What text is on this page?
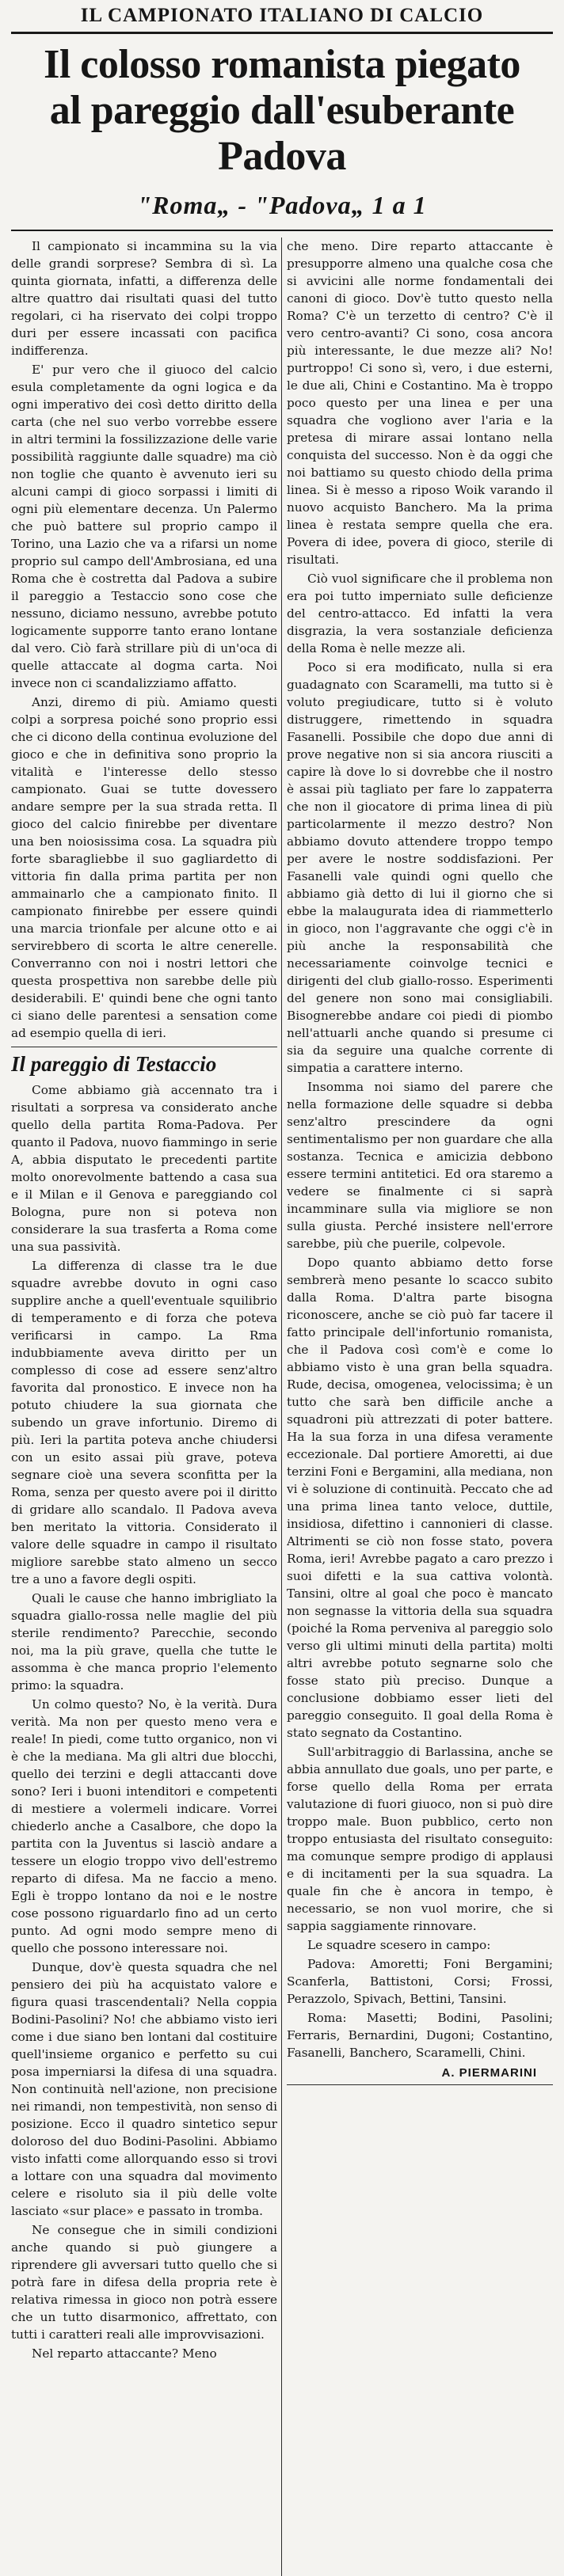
IL CAMPIONATO ITALIANO DI CALCIO
Il colosso romanista piegato
al pareggio dall'esuberante Padova
"Roma„ - "Padova„ 1 a 1

Il campionato si incammina su la via delle grandi sorprese? Sembra di sì. La quinta giornata, infatti, a differenza delle altre quattro dai risultati quasi del tutto regolari, ci ha riservato dei colpi troppo duri per essere incassati con pacifica indifferenza.

E' pur vero che il giuoco del calcio esula completamente da ogni logica e da ogni imperativo dei così detto diritto della carta (che nel suo verbo vorrebbe essere in altri termini la fossilizzazione delle varie possibilità raggiunte dalle squadre) ma ciò non toglie che quanto è avvenuto ieri su alcuni campi di gioco sorpassi i limiti di ogni più elementare decenza. Un Palermo che può battere sul proprio campo il Torino, una Lazio che va a rifarsi un nome proprio sul campo dell'Ambrosiana, ed una Roma che è costretta dal Padova a subire il pareggio a Testaccio sono cose che nessuno, diciamo nessuno, avrebbe potuto logicamente supporre tanto erano lontane dal vero. Ciò farà strillare più di un'oca di quelle attaccate al dogma carta. Noi invece non ci scandalizziamo affatto.

Anzi, diremo di più. Amiamo questi colpi a sorpresa poiché sono proprio essi che ci dicono della continua evoluzione del gioco e che in definitiva sono proprio la vitalità e l'interesse dello stesso campionato. Guai se tutte dovessero andare sempre per la sua strada retta. Il gioco del calcio finirebbe per diventare una ben noiosissima cosa. La squadra più forte sbaragliebbe il suo gagliardetto di vittoria fin dalla prima partita per non ammainarlo che a campionato finito. Il campionato finirebbe per essere quindi una marcia trionfale per alcune otto e ai servirebbero di scorta le altre cenerelle. Converranno con noi i nostri lettori che questa prospettiva non sarebbe delle più desiderabili. E' quindi bene che ogni tanto ci siano delle parentesi a sensation come ad esempio quella di ieri.

Il pareggio di Testaccio

Come abbiamo già accennato tra i risultati a sorpresa va considerato anche quello della partita Roma-Padova. Per quanto il Padova, nuovo fiammingo in serie A, abbia disputato le precedenti partite molto onorevolmente battendo a casa sua e il Milan e il Genova e pareggiando col Bologna, pure non si poteva non considerare la sua trasferta a Roma come una sua passività.

La differenza di classe tra le due squadre avrebbe dovuto in ogni caso supplire anche a quell'eventuale squilibrio di temperamento e di forza che poteva verificarsi in campo. La Rma indubbiamente aveva diritto per un complesso di cose ad essere senz'altro favorita dal pronostico. E invece non ha potuto chiudere la sua giornata che subendo un grave infortunio. Diremo di più. Ieri la partita poteva anche chiudersi con un esito assai più grave, poteva segnare cioè una severa sconfitta per la Roma, senza per questo avere poi il diritto di gridare allo scandalo. Il Padova aveva ben meritato la vittoria. Considerato il valore delle squadre in campo il risultato migliore sarebbe stato almeno un secco tre a uno a favore degli ospiti.

Quali le cause che hanno imbrigliato la squadra giallo-rossa nelle maglie del più sterile rendimento? Parecchie, secondo noi, ma la più grave, quella che tutte le assomma è che manca proprio l'elemento primo: la squadra.

Un colmo questo? No, è la verità. Dura verità. Ma non per questo meno vera e reale! In piedi, come tutto organico, non vi è che la mediana. Ma gli altri due blocchi, quello dei terzini e degli attaccanti dove sono? Ieri i buoni intenditori e competenti di mestiere a volermeli indicare. Vorrei chiederlo anche a Casalbore, che dopo la partita con la Juventus si lasciò andare a tessere un elogio troppo vivo dell'estremo reparto di difesa. Ma ne faccio a meno. Egli è troppo lontano da noi e le nostre cose possono riguardarlo fino ad un certo punto. Ad ogni modo sempre meno di quello che possono interessare noi.

Dunque, dov'è questa squadra che nel pensiero dei più ha acquistato valore e figura quasi trascendentali? Nella coppia Bodini-Pasolini? No! che abbiamo visto ieri come i due siano ben lontani dal costituire quell'insieme organico e perfetto su cui posa imperniarsi la difesa di una squadra. Non continuità nell'azione, non precisione nei rimandi, non tempestività, non senso di posizione. Ecco il quadro sintetico sepur doloroso del duo Bodini-Pasolini. Abbiamo visto infatti come allorquando esso si trovi a lottare con una squadra dal movimento celere e risoluto sia il più delle volte lasciato «sur place» e passato in tromba.

Ne consegue che in simili condizioni anche quando si può giungere a riprendere gli avversari tutto quello che si potrà fare in difesa della propria rete è relativa rimessa in gioco non potrà essere che un tutto disarmonico, affrettato, con tutti i caratteri reali alle improvvisazioni.

Nel reparto attaccante? Meno

che meno. Dire reparto attaccante è presupporre almeno una qualche cosa che si avvicini alle norme fondamentali dei canoni di gioco. Dov'è tutto questo nella Roma? C'è un terzetto di centro? C'è il vero centro-avanti? Ci sono, cosa ancora più interessante, le due mezze ali? No! purtroppo! Ci sono sì, vero, i due esterni, le due ali, Chini e Costantino. Ma è troppo poco questo per una linea e per una squadra che vogliono aver l'aria e la pretesa di mirare assai lontano nella conquista del successo. Non è da oggi che noi battiamo su questo chiodo della prima linea. Si è messo a riposo Woik varando il nuovo acquisto Banchero. Ma la prima linea è restata sempre quella che era. Povera di idee, povera di gioco, sterile di risultati.

Ciò vuol significare che il problema non era poi tutto imperniato sulle deficienze del centro-attacco. Ed infatti la vera disgrazia, la vera sostanziale deficienza della Roma è nelle mezze ali.

Poco si era modificato, nulla si era guadagnato con Scaramelli, ma tutto si è voluto pregiudicare, tutto si è voluto distruggere, rimettendo in squadra Fasanelli. Possibile che dopo due anni di prove negative non si sia ancora riusciti a capire là dove lo si dovrebbe che il nostro è assai più tagliato per fare lo zappaterra che non il giocatore di prima linea di più particolarmente il mezzo destro? Non abbiamo dovuto attendere troppo tempo per avere le nostre soddisfazioni. Per Fasanelli vale quindi ogni quello che abbiamo già detto di lui il giorno che si ebbe la malaugurata idea di riammetterlo in gioco, non l'aggravante che oggi c'è in più anche la responsabilità che necessariamente coinvolge tecnici e dirigenti del club giallo-rosso. Esperimenti del genere non sono mai consigliabili. Bisognerebbe andare coi piedi di piombo nell'attuarli anche quando si presume ci sia da seguire una qualche corrente di simpatia a carattere interno.

Insomma noi siamo del parere che nella formazione delle squadre si debba senz'altro prescindere da ogni sentimentalismo per non guardare che alla sostanza. Tecnica e amicizia debbono essere termini antitetici. Ed ora staremo a vedere se finalmente ci si saprà incamminare sulla via migliore se non sulla giusta. Perché insistere nell'errore sarebbe, più che puerile, colpevole.

Dopo quanto abbiamo detto forse sembrerà meno pesante lo scacco subito dalla Roma. D'altra parte bisogna riconoscere, anche se ciò può far tacere il fatto principale dell'infortunio romanista, che il Padova così com'è e come lo abbiamo visto è una gran bella squadra. Rude, decisa, omogenea, velocissima; è un tutto che sarà ben difficile anche a squadroni più attrezzati di poter battere. Ha la sua forza in una difesa veramente eccezionale. Dal portiere Amoretti, ai due terzini Foni e Bergamini, alla mediana, non vi è soluzione di continuità. Peccato che ad una prima linea tanto veloce, duttile, insidiosa, difettino i cannonieri di classe. Altrimenti se ciò non fosse stato, povera Roma, ieri! Avrebbe pagato a caro prezzo i suoi difetti e la sua cattiva volontà. Tansini, oltre al goal che poco è mancato non segnasse la vittoria della sua squadra (poiché la Roma perveniva al pareggio solo verso gli ultimi minuti della partita) molti altri avrebbe potuto segnarne solo che fosse stato più preciso. Dunque a conclusione dobbiamo esser lieti del pareggio conseguito. Il goal della Roma è stato segnato da Costantino.

Sull'arbitraggio di Barlassina, anche se abbia annullato due goals, uno per parte, e forse quello della Roma per errata valutazione di fuori giuoco, non si può dire troppo male. Buon pubblico, certo non troppo entusiasta del risultato conseguito: ma comunque sempre prodigo di applausi e di incitamenti per la sua squadra. La quale fin che è ancora in tempo, è necessario, se non vuol morire, che si sappia saggiamente rinnovare.

Le squadre scesero in campo:

Padova: Amoretti; Foni Bergamini; Scanferla, Battistoni, Corsi; Frossi, Perazzolo, Spivach, Bettini, Tansini.

Roma: Masetti; Bodini, Pasolini; Ferraris, Bernardini, Dugoni; Costantino, Fasanelli, Banchero, Scaramelli, Chini.

A. PIERMARINI
